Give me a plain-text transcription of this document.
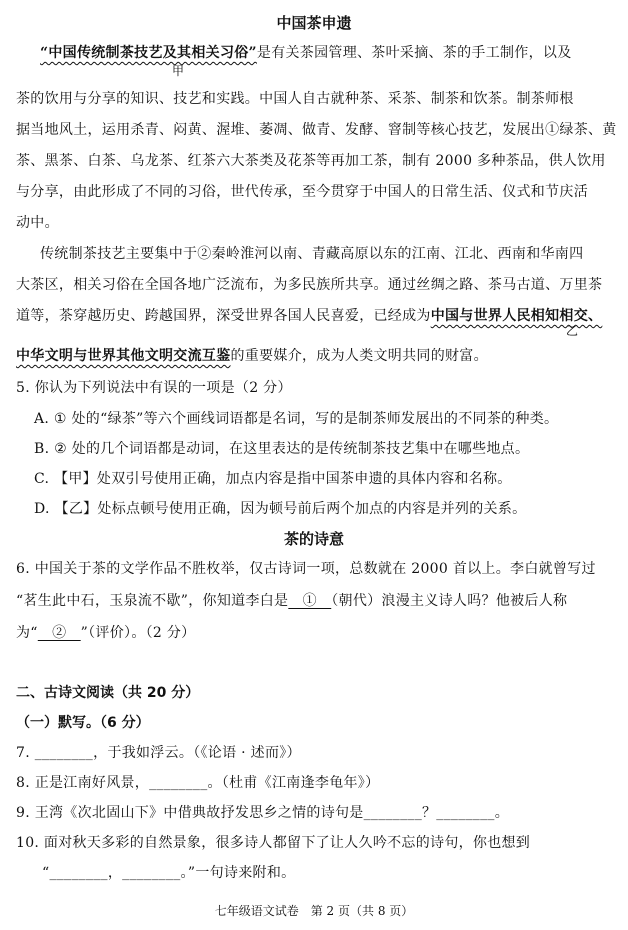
中国茶申遗
“中国传统制茶技艺及其相关习俗”是有关茶园管理、茶叶采摘、茶的手工制作，以及
甲
茶的饮用与分享的知识、技艺和实践。中国人自古就种茶、采茶、制茶和饮茶。制茶师根
据当地风土，运用杀青、闷黄、渥堆、萎凋、做青、发酵、窨制等核心技艺，发展出①绿茶、黄
茶、黑茶、白茶、乌龙茶、红茶六大茶类及花茶等再加工茶，制有 2000 多种茶品，供人饮用
与分享，由此形成了不同的习俗，世代传承，至今贯穿于中国人的日常生活、仪式和节庆活
动中。
传统制茶技艺主要集中于②秦岭淮河以南、青藏高原以东的江南、江北、西南和华南四
大茶区，相关习俗在全国各地广泛流布，为多民族所共享。通过丝绸之路、茶马古道、万里茶
道等，茶穿越历史、跨越国界，深受世界各国人民喜爱，已经成为中国与世界人民相知相交、
乙
中华文明与世界其他文明交流互鉴的重要媒介，成为人类文明共同的财富。
5. 你认为下列说法中有误的一项是（2 分）
A. ① 处的“绿茶”等六个画线词语都是名词，写的是制茶师发展出的不同茶的种类。
B. ② 处的几个词语都是动词，在这里表达的是传统制茶技艺集中在哪些地点。
C. 【甲】处双引号使用正确，加点内容是指中国茶申遗的具体内容和名称。
D. 【乙】处标点顿号使用正确，因为顿号前后两个加点的内容是并列的关系。
茶的诗意
6. 中国关于茶的文学作品不胜枚举，仅古诗词一项，总数就在 2000 首以上。李白就曾写过
“茗生此中石，玉泉流不歇”，你知道李白是　①　（朝代）浪漫主义诗人吗？他被后人称
为“　②　”（评价）。（2 分）
二、古诗文阅读（共 20 分）
（一）默写。（6 分）
7. ________，于我如浮云。（《论语 · 述而》）
8. 正是江南好风景，________。（杜甫《江南逢李龟年》）
9. 王湾《次北固山下》中借典故抒发思乡之情的诗句是________？________。
10. 面对秋天多彩的自然景象，很多诗人都留下了让人久吟不忘的诗句，你也想到
“________，________。”一句诗来附和。
七年级语文试卷　第 2 页（共 8 页）
